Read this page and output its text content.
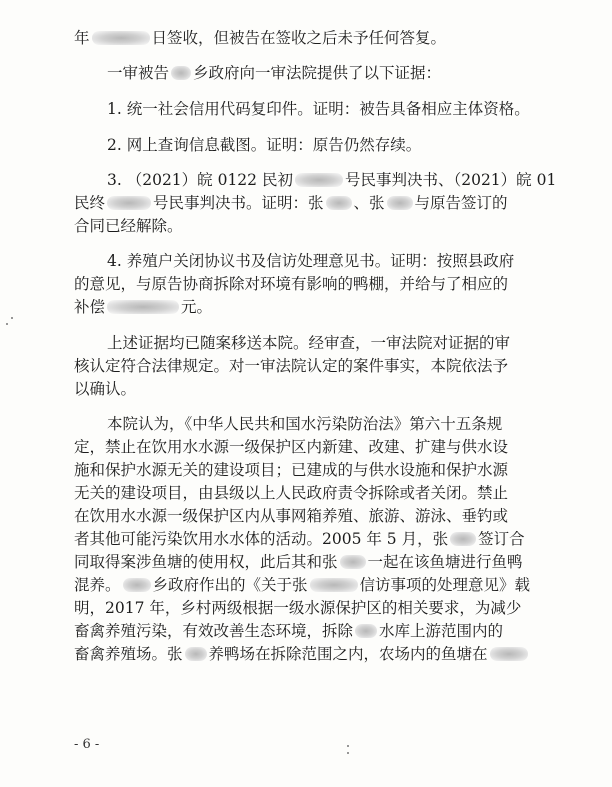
年	日签收，但被告在签收之后未予任何答复。
一审被告 乡政府向一审法院提供了以下证据：
1. 统一社会信用代码复印件。证明：被告具备相应主体资格。
2. 网上查询信息截图。证明：原告仍然存续。
3. （2021）皖 0122 民初	号民事判决书、（2021）皖 01
民终	号民事判决书。证明：张 、张 与原告签订的
合同已经解除。
4. 养殖户关闭协议书及信访处理意见书。证明：按照县政府
的意见，与原告协商拆除对环境有影响的鸭棚，并给与了相应的
补偿	元。
上述证据均已随案移送本院。经审查，一审法院对证据的审
核认定符合法律规定。对一审法院认定的案件事实，本院依法予
以确认。
本院认为，《中华人民共和国水污染防治法》第六十五条规
定，禁止在饮用水水源一级保护区内新建、改建、扩建与供水设
施和保护水源无关的建设项目；已建成的与供水设施和保护水源
无关的建设项目，由县级以上人民政府责令拆除或者关闭。禁止
在饮用水水源一级保护区内从事网箱养殖、旅游、游泳、垂钓或
者其他可能污染饮用水水体的活动。2005 年 5 月，张 签订合
同取得案涉鱼塘的使用权，此后其和张 一起在该鱼塘进行鱼鸭
混养。 乡政府作出的《关于张	信访事项的处理意见》载
明，2017 年，乡村两级根据一级水源保护区的相关要求，为减少
畜禽养殖污染，有效改善生态环境，拆除 水库上游范围内的
畜禽养殖场。张 养鸭场在拆除范围之内，农场内的鱼塘在
- 6 -
